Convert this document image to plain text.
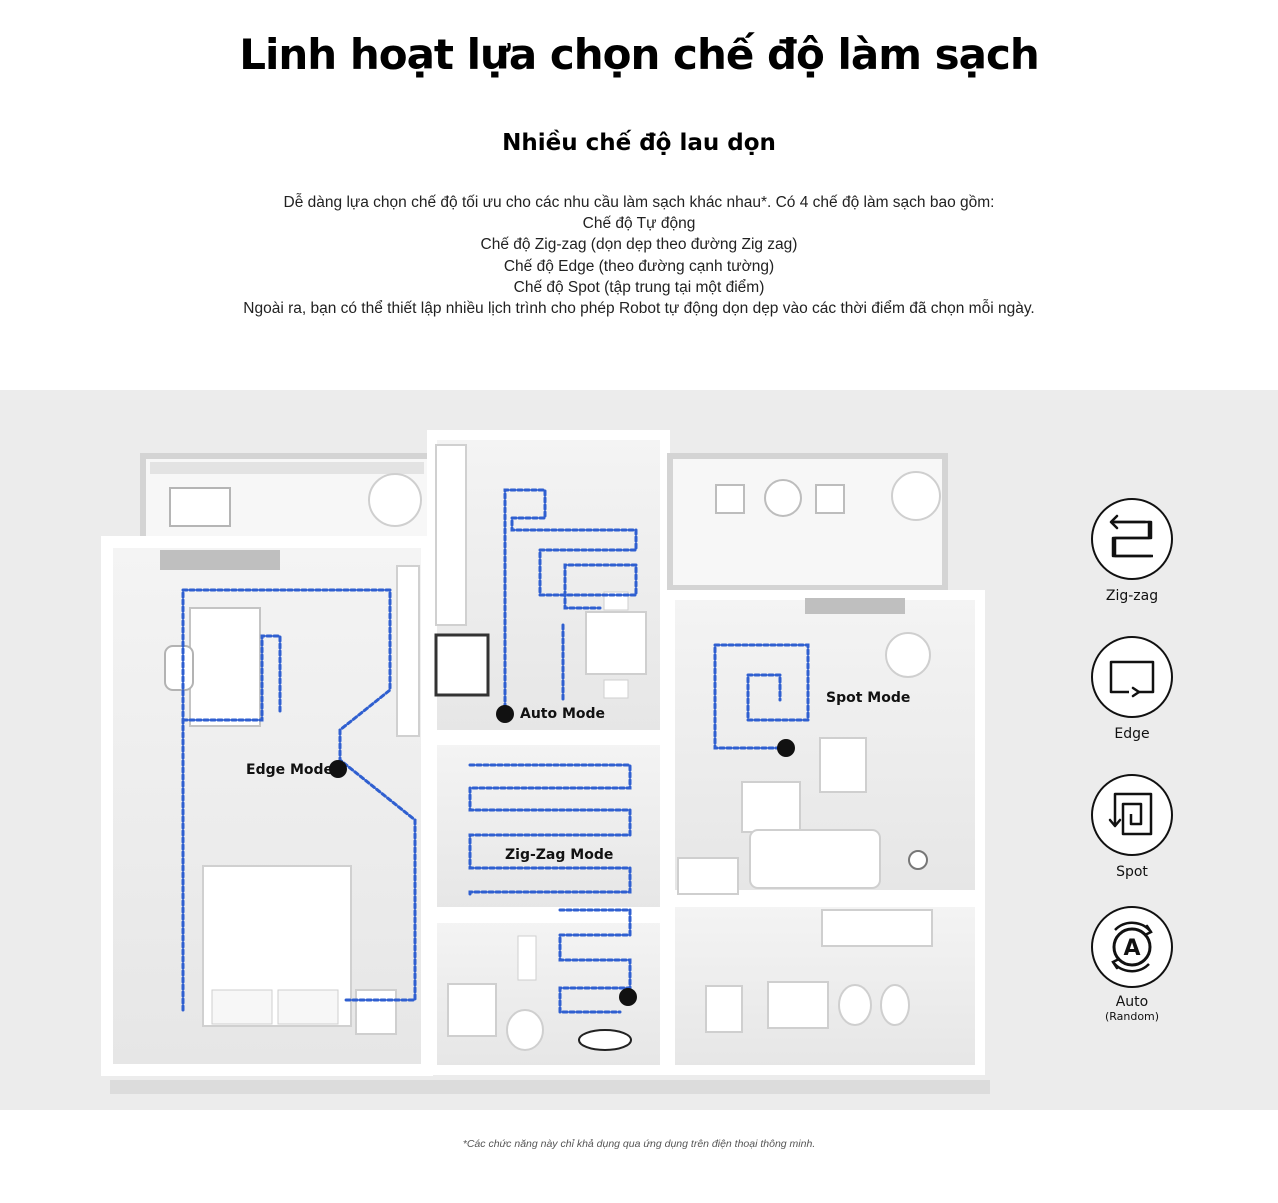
Linh hoạt lựa chọn chế độ làm sạch
Nhiều chế độ lau dọn
Dễ dàng lựa chọn chế độ tối ưu cho các nhu cầu làm sạch khác nhau*. Có 4 chế độ làm sạch bao gồm:
Chế độ Tự động
Chế độ Zig-zag (dọn dẹp theo đường Zig zag)
Chế độ Edge (theo đường cạnh tường)
Chế độ Spot (tập trung tại một điểm)
Ngoài ra, bạn có thể thiết lập nhiều lịch trình cho phép Robot tự động dọn dẹp vào các thời điểm đã chọn mỗi ngày.
Edge Mode
Auto Mode
Zig-Zag Mode
Spot Mode
Zig-zag
Edge
Spot
A
Auto
(Random)
*Các chức năng này chỉ khả dụng qua ứng dụng trên điện thoại thông minh.
